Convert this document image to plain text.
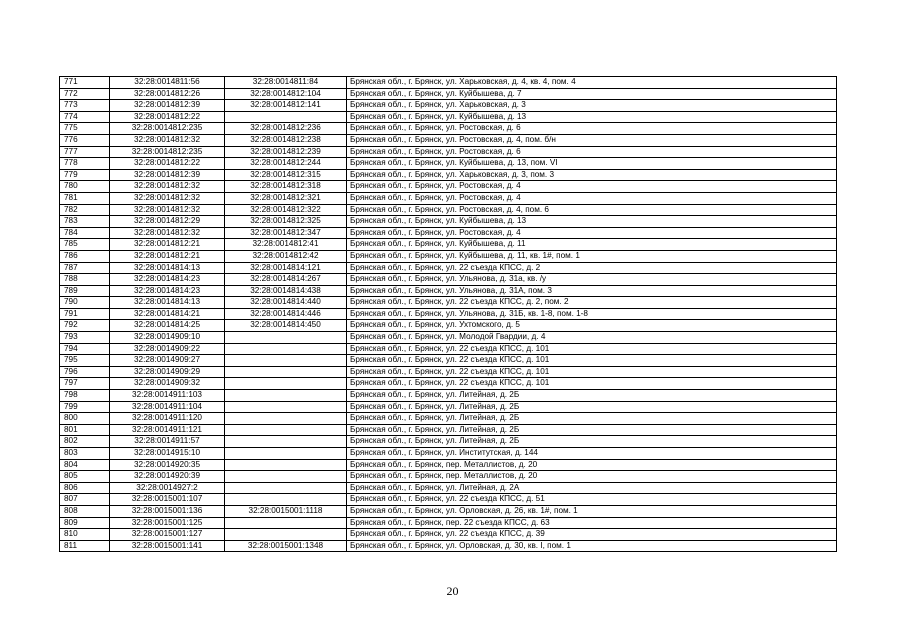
771	32:28:0014811:56	32:28:0014811:84	Брянская обл., г. Брянск, ул. Харьковская, д. 4, кв. 4, пом. 4
772	32:28:0014812:26	32:28:0014812:104	Брянская обл., г. Брянск, ул. Куйбышева, д. 7
773	32:28:0014812:39	32:28:0014812:141	Брянская обл., г. Брянск, ул. Харьковская, д. 3
774	32:28:0014812:22		Брянская обл., г. Брянск, ул. Куйбышева, д. 13
775	32:28:0014812:235	32:28:0014812:236	Брянская обл., г. Брянск, ул. Ростовская, д. 6
776	32:28:0014812:32	32:28:0014812:238	Брянская обл., г. Брянск, ул. Ростовская, д. 4, пом. б/н
777	32:28:0014812:235	32:28:0014812:239	Брянская обл., г. Брянск, ул. Ростовская, д. 6
778	32:28:0014812:22	32:28:0014812:244	Брянская обл., г. Брянск, ул. Куйбышева, д. 13, пом. VI
779	32:28:0014812:39	32:28:0014812:315	Брянская обл., г. Брянск, ул. Харьковская, д. 3, пом. 3
780	32:28:0014812:32	32:28:0014812:318	Брянская обл., г. Брянск, ул. Ростовская, д. 4
781	32:28:0014812:32	32:28:0014812:321	Брянская обл., г. Брянск, ул. Ростовская, д. 4
782	32:28:0014812:32	32:28:0014812:322	Брянская обл., г. Брянск, ул. Ростовская, д. 4, пом. 6
783	32:28:0014812:29	32:28:0014812:325	Брянская обл., г. Брянск, ул. Куйбышева, д. 13
784	32:28:0014812:32	32:28:0014812:347	Брянская обл., г. Брянск, ул. Ростовская, д. 4
785	32:28:0014812:21	32:28:0014812:41	Брянская обл., г. Брянск, ул. Куйбышева, д. 11
786	32:28:0014812:21	32:28:0014812:42	Брянская обл., г. Брянск, ул. Куйбышева, д. 11, кв. 1#, пом. 1
787	32:28:0014814:13	32:28:0014814:121	Брянская обл., г. Брянск, ул. 22 съезда КПСС, д. 2
788	32:28:0014814:23	32:28:0014814:267	Брянская обл., г. Брянск, ул. Ульянова, д. 31а, кв. /у
789	32:28:0014814:23	32:28:0014814:438	Брянская обл., г. Брянск, ул. Ульянова, д. 31А, пом. 3
790	32:28:0014814:13	32:28:0014814:440	Брянская обл., г. Брянск, ул. 22 съезда КПСС, д. 2, пом. 2
791	32:28:0014814:21	32:28:0014814:446	Брянская обл., г. Брянск, ул. Ульянова, д. 31Б, кв. 1-8, пом. 1-8
792	32:28:0014814:25	32:28:0014814:450	Брянская обл., г. Брянск, ул. Ухтомского, д. 5
793	32:28:0014909:10		Брянская обл., г. Брянск, ул. Молодой Гвардии, д. 4
794	32:28:0014909:22		Брянская обл., г. Брянск, ул. 22 съезда КПСС, д. 101
795	32:28:0014909:27		Брянская обл., г. Брянск, ул. 22 съезда КПСС, д. 101
796	32:28:0014909:29		Брянская обл., г. Брянск, ул. 22 съезда КПСС, д. 101
797	32:28:0014909:32		Брянская обл., г. Брянск, ул. 22 съезда КПСС, д. 101
798	32:28:0014911:103		Брянская обл., г. Брянск, ул. Литейная, д. 2Б
799	32:28:0014911:104		Брянская обл., г. Брянск, ул. Литейная, д. 2Б
800	32:28:0014911:120		Брянская обл., г. Брянск, ул. Литейная, д. 2Б
801	32:28:0014911:121		Брянская обл., г. Брянск, ул. Литейная, д. 2Б
802	32:28:0014911:57		Брянская обл., г. Брянск, ул. Литейная, д. 2Б
803	32:28:0014915:10		Брянская обл., г. Брянск, ул. Институтская, д. 144
804	32:28:0014920:35		Брянская обл., г. Брянск, пер. Металлистов, д. 20
805	32:28:0014920:39		Брянская обл., г. Брянск, пер. Металлистов, д. 20
806	32:28:0014927:2		Брянская обл., г. Брянск, ул. Литейная, д. 2А
807	32:28:0015001:107		Брянская обл., г. Брянск, ул. 22 съезда КПСС, д. 51
808	32:28:0015001:136	32:28:0015001:1118	Брянская обл., г. Брянск, ул. Орловская, д. 26, кв. 1#, пом. 1
809	32:28:0015001:125		Брянская обл., г. Брянск, пер. 22 съезда КПСС, д. 63
810	32:28:0015001:127		Брянская обл., г. Брянск, ул. 22 съезда КПСС, д. 39
811	32:28:0015001:141	32:28:0015001:1348	Брянская обл., г. Брянск, ул. Орловская, д. 30, кв. I, пом. 1
20
